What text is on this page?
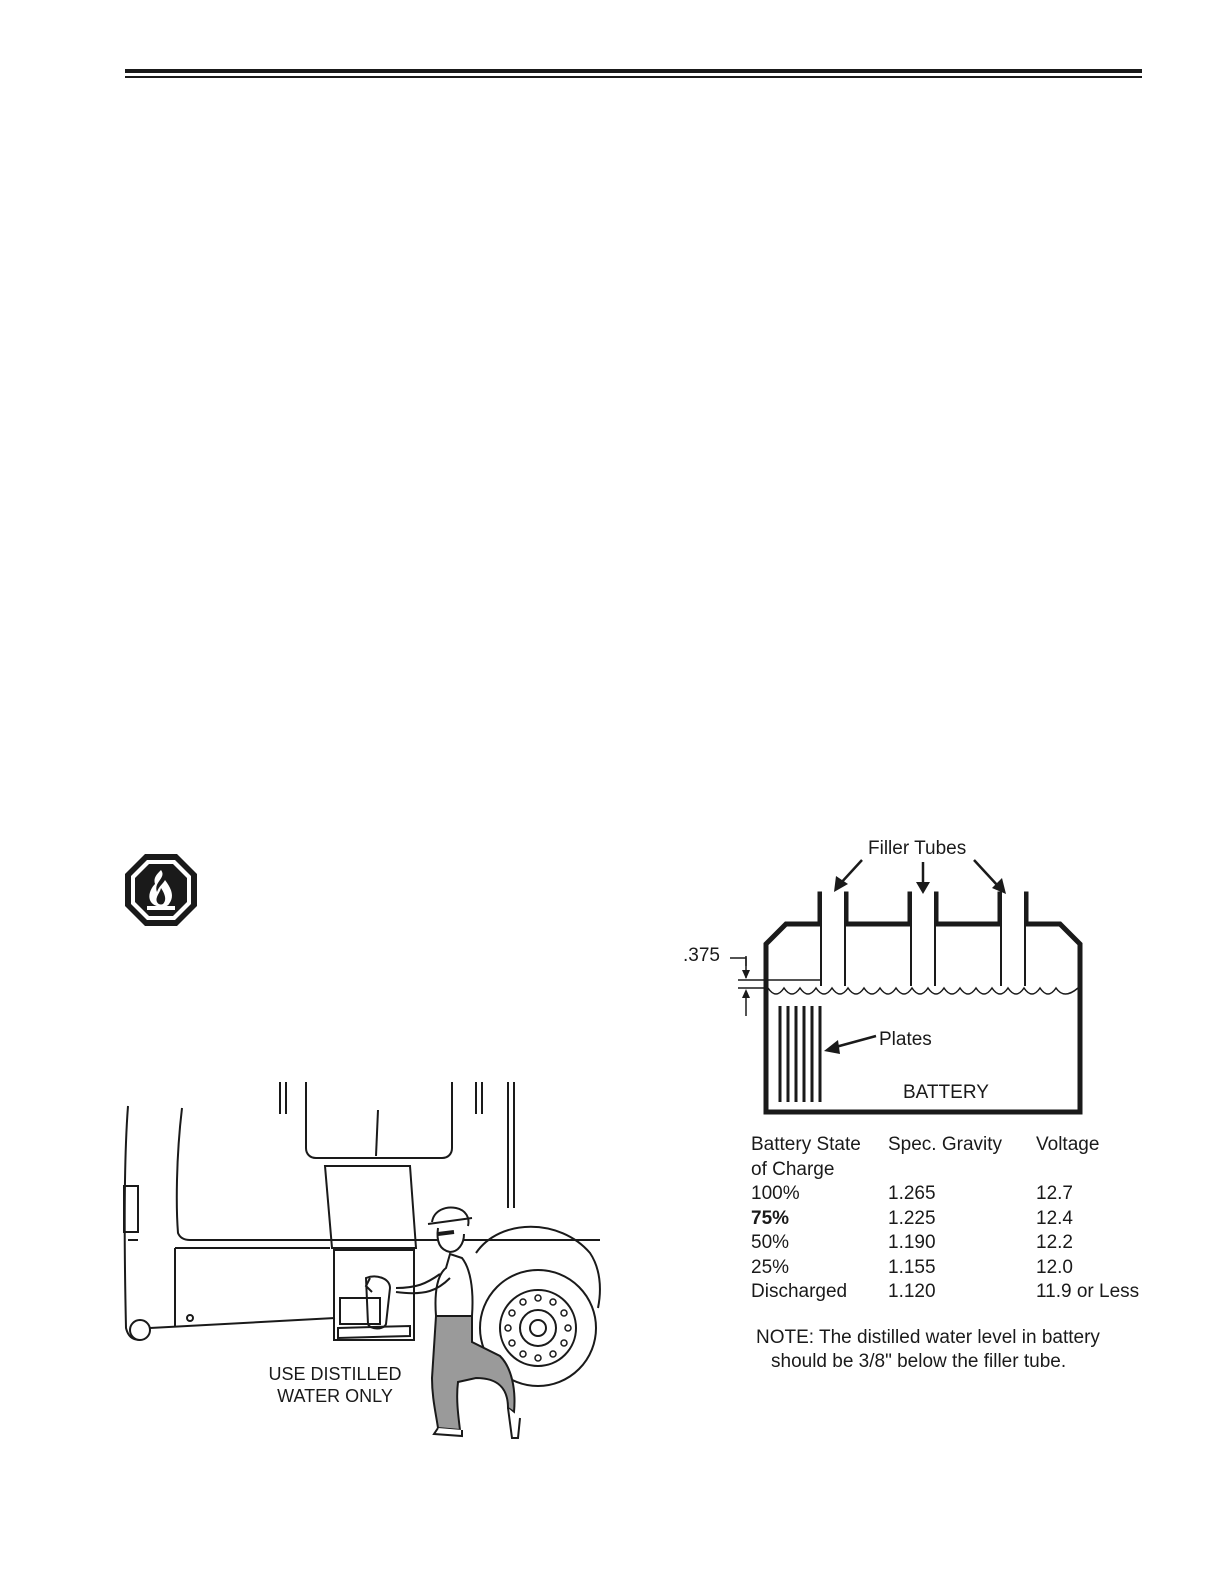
USE DISTILLED
WATER ONLY
Filler Tubes
.375
Plates
BATTERY
Battery State	Spec. Gravity	Voltage
of Charge		
100%	1.265	12.7
75%	1.225	12.4
50%	1.190	12.2
25%	1.155	12.0
Discharged	1.120	11.9 or Less
NOTE: The distilled water level in battery
should be 3/8" below the filler tube.
